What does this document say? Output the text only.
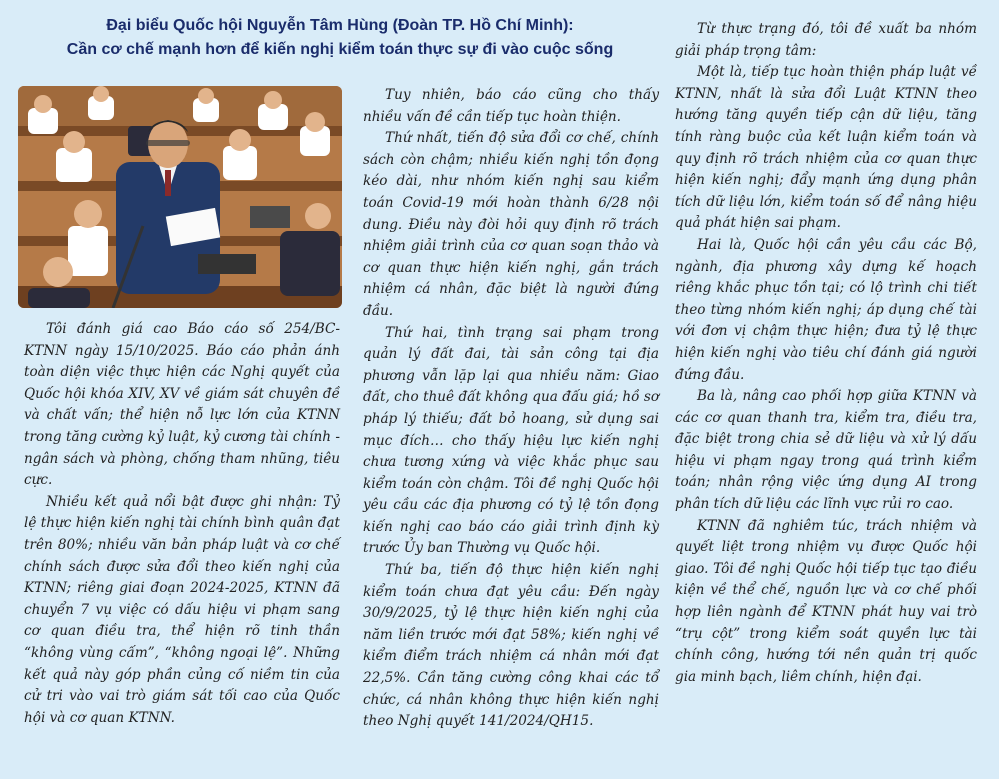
Đại biểu Quốc hội Nguyễn Tâm Hùng (Đoàn TP. Hồ Chí Minh):
Cần cơ chế mạnh hơn để kiến nghị kiểm toán thực sự đi vào cuộc sống

Tôi đánh giá cao Báo cáo số 254/BC-KTNN ngày 15/10/2025. Báo cáo phản ánh toàn diện việc thực hiện các Nghị quyết của Quốc hội khóa XIV, XV về giám sát chuyên đề và chất vấn; thể hiện nỗ lực lớn của KTNN trong tăng cường kỷ luật, kỷ cương tài chính - ngân sách và phòng, chống tham nhũng, tiêu cực.

Nhiều kết quả nổi bật được ghi nhận: Tỷ lệ thực hiện kiến nghị tài chính bình quân đạt trên 80%; nhiều văn bản pháp luật và cơ chế chính sách được sửa đổi theo kiến nghị của KTNN; riêng giai đoạn 2024-2025, KTNN đã chuyển 7 vụ việc có dấu hiệu vi phạm sang cơ quan điều tra, thể hiện rõ tinh thần “không vùng cấm”, “không ngoại lệ”. Những kết quả này góp phần củng cố niềm tin của cử tri vào vai trò giám sát tối cao của Quốc hội và cơ quan KTNN.

Tuy nhiên, báo cáo cũng cho thấy nhiều vấn đề cần tiếp tục hoàn thiện.

Thứ nhất, tiến độ sửa đổi cơ chế, chính sách còn chậm; nhiều kiến nghị tồn đọng kéo dài, như nhóm kiến nghị sau kiểm toán Covid-19 mới hoàn thành 6/28 nội dung. Điều này đòi hỏi quy định rõ trách nhiệm giải trình của cơ quan soạn thảo và cơ quan thực hiện kiến nghị, gắn trách nhiệm cá nhân, đặc biệt là người đứng đầu.

Thứ hai, tình trạng sai phạm trong quản lý đất đai, tài sản công tại địa phương vẫn lặp lại qua nhiều năm: Giao đất, cho thuê đất không qua đấu giá; hồ sơ pháp lý thiếu; đất bỏ hoang, sử dụng sai mục đích… cho thấy hiệu lực kiến nghị chưa tương xứng và việc khắc phục sau kiểm toán còn chậm. Tôi đề nghị Quốc hội yêu cầu các địa phương có tỷ lệ tồn đọng kiến nghị cao báo cáo giải trình định kỳ trước Ủy ban Thường vụ Quốc hội.

Thứ ba, tiến độ thực hiện kiến nghị kiểm toán chưa đạt yêu cầu: Đến ngày 30/9/2025, tỷ lệ thực hiện kiến nghị của năm liền trước mới đạt 58%; kiến nghị về kiểm điểm trách nhiệm cá nhân mới đạt 22,5%. Cần tăng cường công khai các tổ chức, cá nhân không thực hiện kiến nghị theo Nghị quyết 141/2024/QH15.

Từ thực trạng đó, tôi đề xuất ba nhóm giải pháp trọng tâm:

Một là, tiếp tục hoàn thiện pháp luật về KTNN, nhất là sửa đổi Luật KTNN theo hướng tăng quyền tiếp cận dữ liệu, tăng tính ràng buộc của kết luận kiểm toán và quy định rõ trách nhiệm của cơ quan thực hiện kiến nghị; đẩy mạnh ứng dụng phân tích dữ liệu lớn, kiểm toán số để nâng hiệu quả phát hiện sai phạm.

Hai là, Quốc hội cần yêu cầu các Bộ, ngành, địa phương xây dựng kế hoạch riêng khắc phục tồn tại; có lộ trình chi tiết theo từng nhóm kiến nghị; áp dụng chế tài với đơn vị chậm thực hiện; đưa tỷ lệ thực hiện kiến nghị vào tiêu chí đánh giá người đứng đầu.

Ba là, nâng cao phối hợp giữa KTNN và các cơ quan thanh tra, kiểm tra, điều tra, đặc biệt trong chia sẻ dữ liệu và xử lý dấu hiệu vi phạm ngay trong quá trình kiểm toán; nhân rộng việc ứng dụng AI trong phân tích dữ liệu các lĩnh vực rủi ro cao.

KTNN đã nghiêm túc, trách nhiệm và quyết liệt trong nhiệm vụ được Quốc hội giao. Tôi đề nghị Quốc hội tiếp tục tạo điều kiện về thể chế, nguồn lực và cơ chế phối hợp liên ngành để KTNN phát huy vai trò “trụ cột” trong kiểm soát quyền lực tài chính công, hướng tới nền quản trị quốc gia minh bạch, liêm chính, hiện đại.
